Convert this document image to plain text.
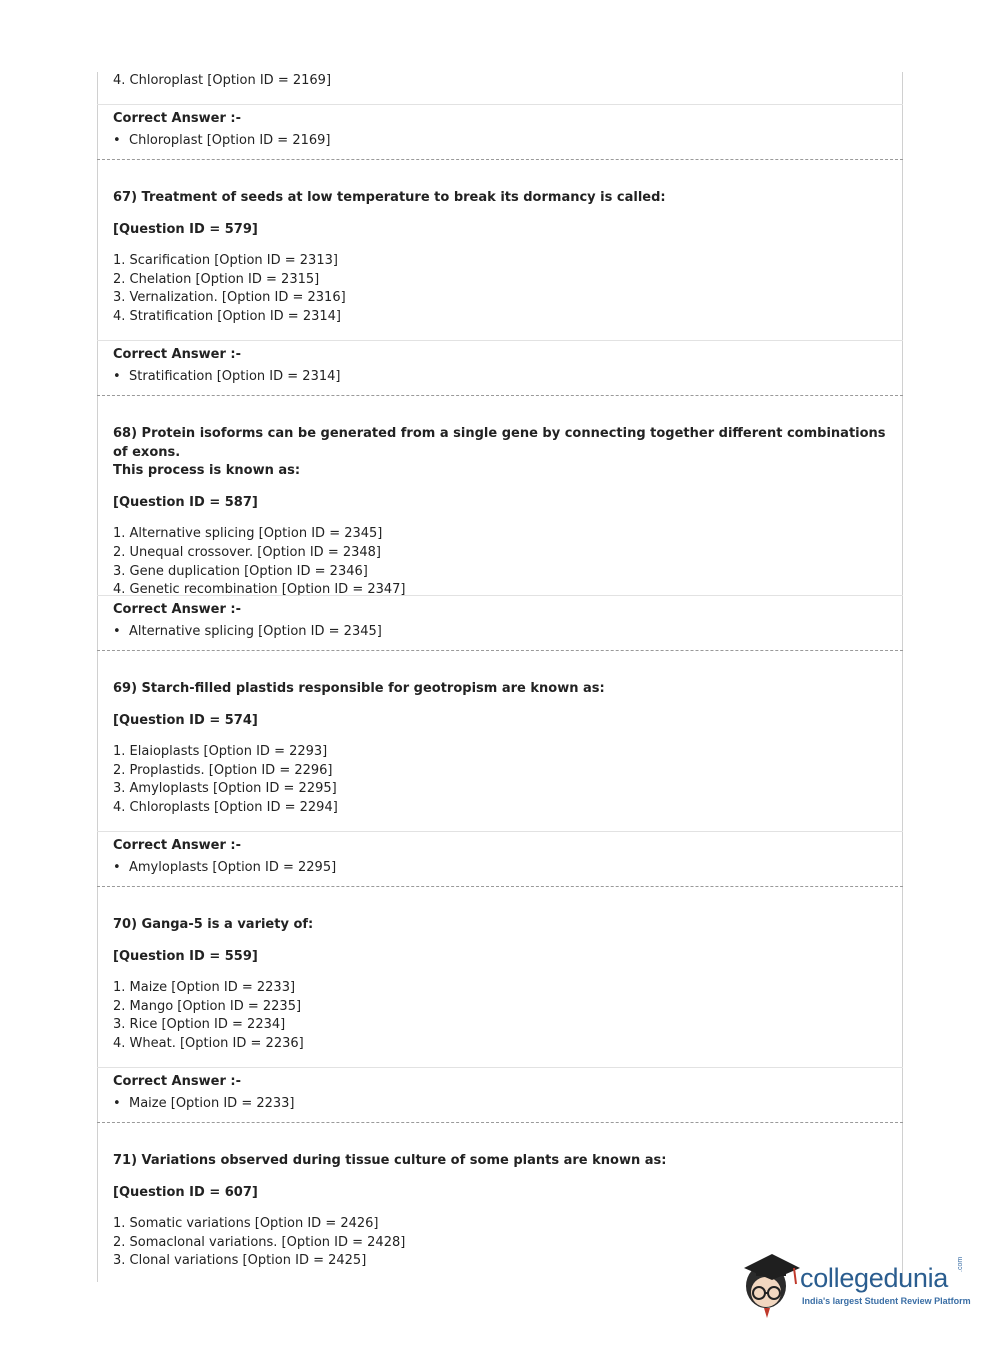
4. Chloroplast [Option ID = 2169]

Correct Answer :-

• Chloroplast [Option ID = 2169]

67) Treatment of seeds at low temperature to break its dormancy is called:

[Question ID = 579]

1. Scarification [Option ID = 2313]

2. Chelation [Option ID = 2315]

3. Vernalization. [Option ID = 2316]

4. Stratification [Option ID = 2314]

Correct Answer :-

• Stratification [Option ID = 2314]

68) Protein isoforms can be generated from a single gene by connecting together different combinations of exons.

This process is known as:

[Question ID = 587]

1. Alternative splicing [Option ID = 2345]

2. Unequal crossover. [Option ID = 2348]

3. Gene duplication [Option ID = 2346]

4. Genetic recombination [Option ID = 2347]

Correct Answer :-

• Alternative splicing [Option ID = 2345]

69) Starch-filled plastids responsible for geotropism are known as:

[Question ID = 574]

1. Elaioplasts [Option ID = 2293]

2. Proplastids. [Option ID = 2296]

3. Amyloplasts [Option ID = 2295]

4. Chloroplasts [Option ID = 2294]

Correct Answer :-

• Amyloplasts [Option ID = 2295]

70) Ganga-5 is a variety of:

[Question ID = 559]

1. Maize [Option ID = 2233]

2. Mango [Option ID = 2235]

3. Rice [Option ID = 2234]

4. Wheat. [Option ID = 2236]

Correct Answer :-

• Maize [Option ID = 2233]

71) Variations observed during tissue culture of some plants are known as:

[Question ID = 607]

1. Somatic variations [Option ID = 2426]

2. Somaclonal variations. [Option ID = 2428]

3. Clonal variations [Option ID = 2425]

collegedunia .com
India's largest Student Review Platform
